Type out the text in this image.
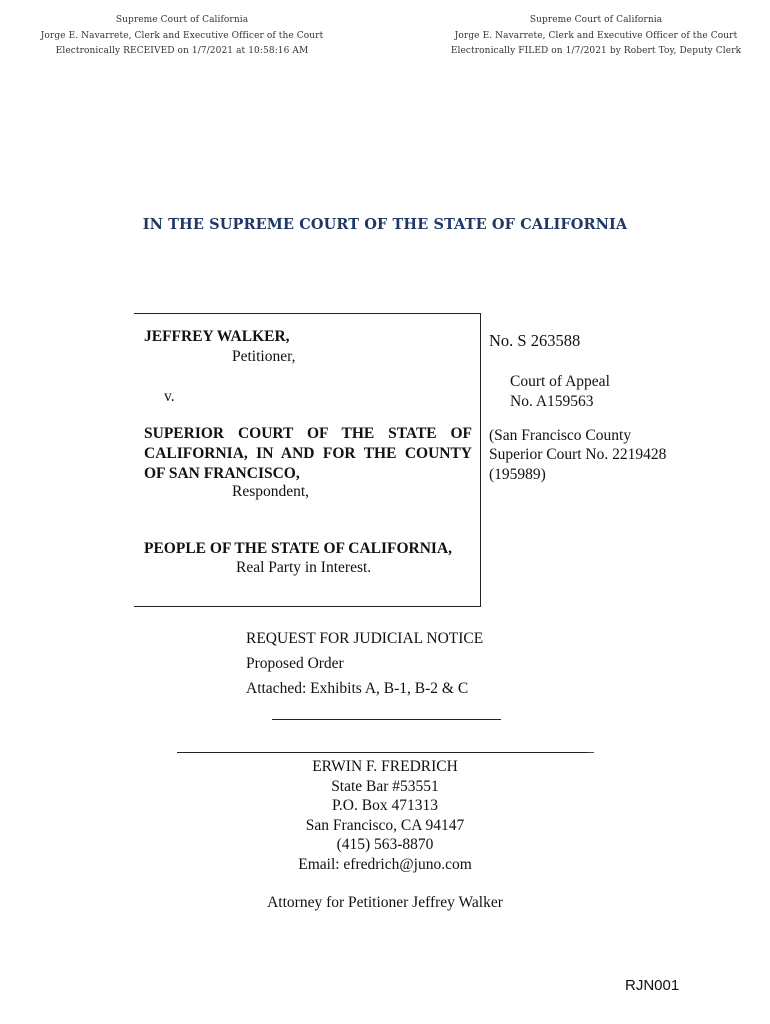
Supreme Court of California
Jorge E. Navarrete, Clerk and Executive Officer of the Court
Electronically RECEIVED on 1/7/2021 at 10:58:16 AM
Supreme Court of California
Jorge E. Navarrete, Clerk and Executive Officer of the Court
Electronically FILED on 1/7/2021 by Robert Toy, Deputy Clerk
IN THE SUPREME COURT OF THE STATE OF CALIFORNIA
JEFFREY WALKER,
Petitioner,
v.
SUPERIOR COURT OF THE STATE OF CALIFORNIA, IN AND FOR THE COUNTY OF SAN FRANCISCO,
Respondent,
PEOPLE OF THE STATE OF CALIFORNIA,
Real Party in Interest.
No. S 263588
Court of Appeal
No. A159563
(San Francisco County
Superior Court No. 2219428
(195989)
REQUEST FOR JUDICIAL NOTICE
Proposed Order
Attached: Exhibits A, B-1, B-2 & C
_
ERWIN F. FREDRICH
State Bar #53551
P.O. Box 471313
San Francisco, CA 94147
(415) 563-8870
Email: efredrich@juno.com
Attorney for Petitioner Jeffrey Walker
RJN001
